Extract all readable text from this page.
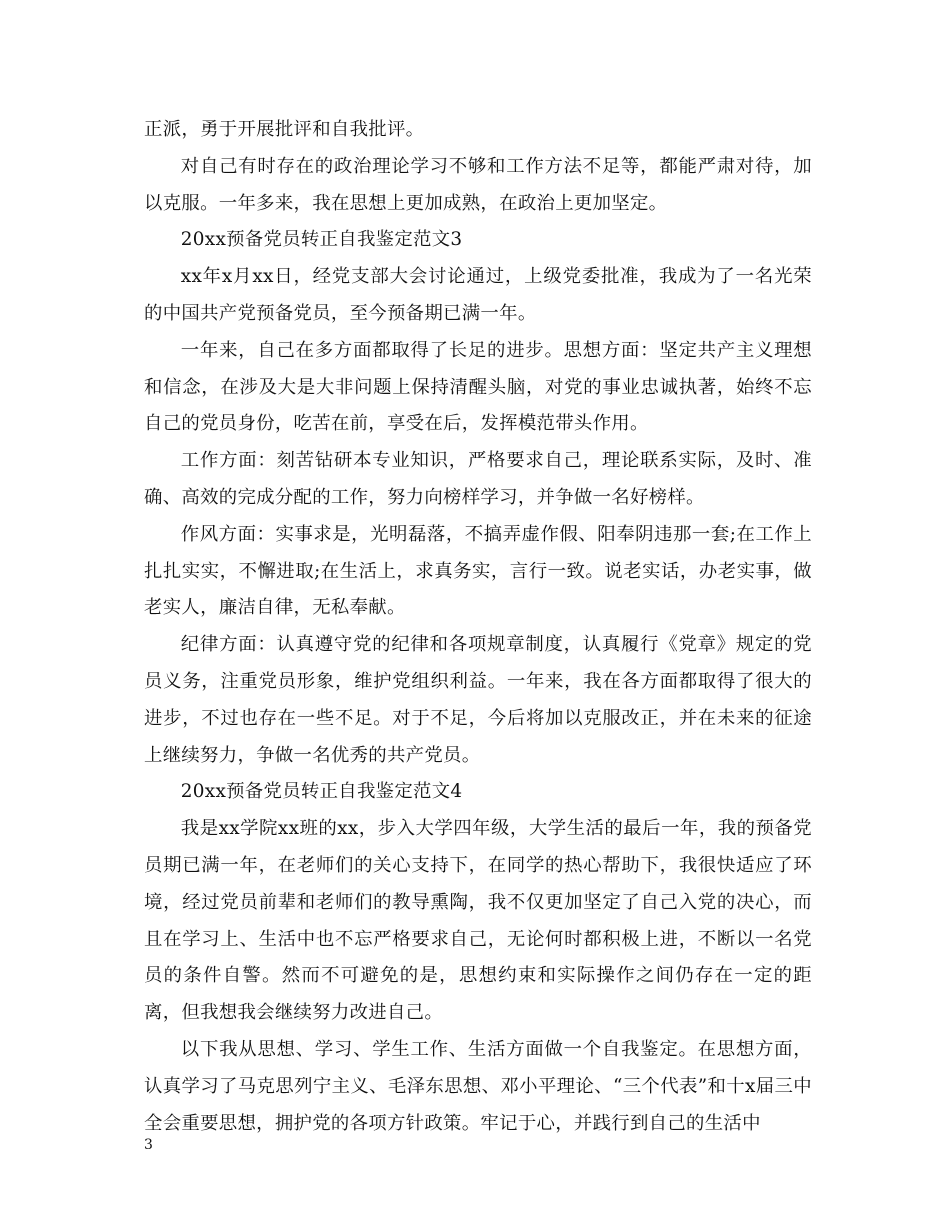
正派，勇于开展批评和自我批评。

对自己有时存在的政治理论学习不够和工作方法不足等，都能严肃对待，加以克服。一年多来，我在思想上更加成熟，在政治上更加坚定。

20xx预备党员转正自我鉴定范文3

xx年x月xx日，经党支部大会讨论通过，上级党委批准，我成为了一名光荣的中国共产党预备党员，至今预备期已满一年。

一年来，自己在多方面都取得了长足的进步。思想方面：坚定共产主义理想和信念，在涉及大是大非问题上保持清醒头脑，对党的事业忠诚执著，始终不忘自己的党员身份，吃苦在前，享受在后，发挥模范带头作用。

工作方面：刻苦钻研本专业知识，严格要求自己，理论联系实际，及时、准确、高效的完成分配的工作，努力向榜样学习，并争做一名好榜样。

作风方面：实事求是，光明磊落，不搞弄虚作假、阳奉阴违那一套;在工作上扎扎实实，不懈进取;在生活上，求真务实，言行一致。说老实话，办老实事，做老实人，廉洁自律，无私奉献。

纪律方面：认真遵守党的纪律和各项规章制度，认真履行《党章》规定的党员义务，注重党员形象，维护党组织利益。一年来，我在各方面都取得了很大的进步，不过也存在一些不足。对于不足，今后将加以克服改正，并在未来的征途上继续努力，争做一名优秀的共产党员。

20xx预备党员转正自我鉴定范文4

我是xx学院xx班的xx，步入大学四年级，大学生活的最后一年，我的预备党员期已满一年，在老师们的关心支持下，在同学的热心帮助下，我很快适应了环境，经过党员前辈和老师们的教导熏陶，我不仅更加坚定了自己入党的决心，而且在学习上、生活中也不忘严格要求自己，无论何时都积极上进，不断以一名党员的条件自警。然而不可避免的是，思想约束和实际操作之间仍存在一定的距离，但我想我会继续努力改进自己。

以下我从思想、学习、学生工作、生活方面做一个自我鉴定。在思想方面，认真学习了马克思列宁主义、毛泽东思想、邓小平理论、“三个代表”和十x届三中全会重要思想，拥护党的各项方针政策。牢记于心，并践行到自己的生活中

3
